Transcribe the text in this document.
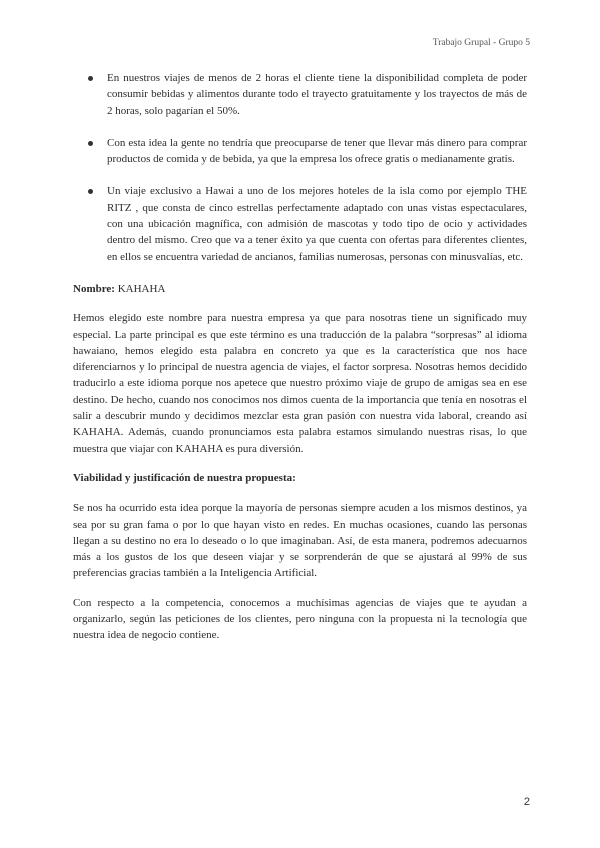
Trabajo Grupal - Grupo 5
En nuestros viajes de menos de 2 horas el cliente tiene la disponibilidad completa de poder consumir bebidas y alimentos durante todo el trayecto gratuitamente y los trayectos de más de 2 horas, solo pagarían el 50%.
Con esta idea la gente no tendría que preocuparse de tener que llevar más dinero para comprar productos de comida y de bebida, ya que la empresa los ofrece gratis o medianamente gratis.
Un viaje exclusivo a Hawai a uno de los mejores hoteles de la isla como por ejemplo THE RITZ , que consta de cinco estrellas perfectamente adaptado con unas vistas espectaculares, con una ubicación magnífica, con admisión de mascotas y todo tipo de ocio y actividades dentro del mismo. Creo que va a tener éxito ya que cuenta con ofertas para diferentes clientes, en ellos se encuentra variedad de ancianos, familias numerosas, personas con minusvalías, etc.

Nombre: KAHAHA

Hemos elegido este nombre para nuestra empresa ya que para nosotras tiene un significado muy especial. La parte principal es que este término es una traducción de la palabra “sorpresas” al idioma hawaiano, hemos elegido esta palabra en concreto ya que es la característica que nos hace diferenciarnos y lo principal de nuestra agencia de viajes, el factor sorpresa. Nosotras hemos decidido traducirlo a este idioma porque nos apetece que nuestro próximo viaje de grupo de amigas sea en ese destino. De hecho, cuando nos conocimos nos dimos cuenta de la importancia que tenía en nosotras el salir a descubrir mundo y decidimos mezclar esta gran pasión con nuestra vida laboral, creando así KAHAHA. Además, cuando pronunciamos esta palabra estamos simulando nuestras risas, lo que muestra que viajar con KAHAHA es pura diversión.

Viabilidad y justificación de nuestra propuesta:

Se nos ha ocurrido esta idea porque la mayoría de personas siempre acuden a los mismos destinos, ya sea por su gran fama o por lo que hayan visto en redes. En muchas ocasiones, cuando las personas llegan a su destino no era lo deseado o lo que imaginaban. Así, de esta manera, podremos adecuarnos más a los gustos de los que deseen viajar y se sorprenderán de que se ajustará al 99% de sus preferencias gracias también a la Inteligencia Artificial.

Con respecto a la competencia, conocemos a muchísimas agencias de viajes que te ayudan a organizarlo, según las peticiones de los clientes, pero ninguna con la propuesta ni la tecnología que nuestra idea de negocio contiene.

2
